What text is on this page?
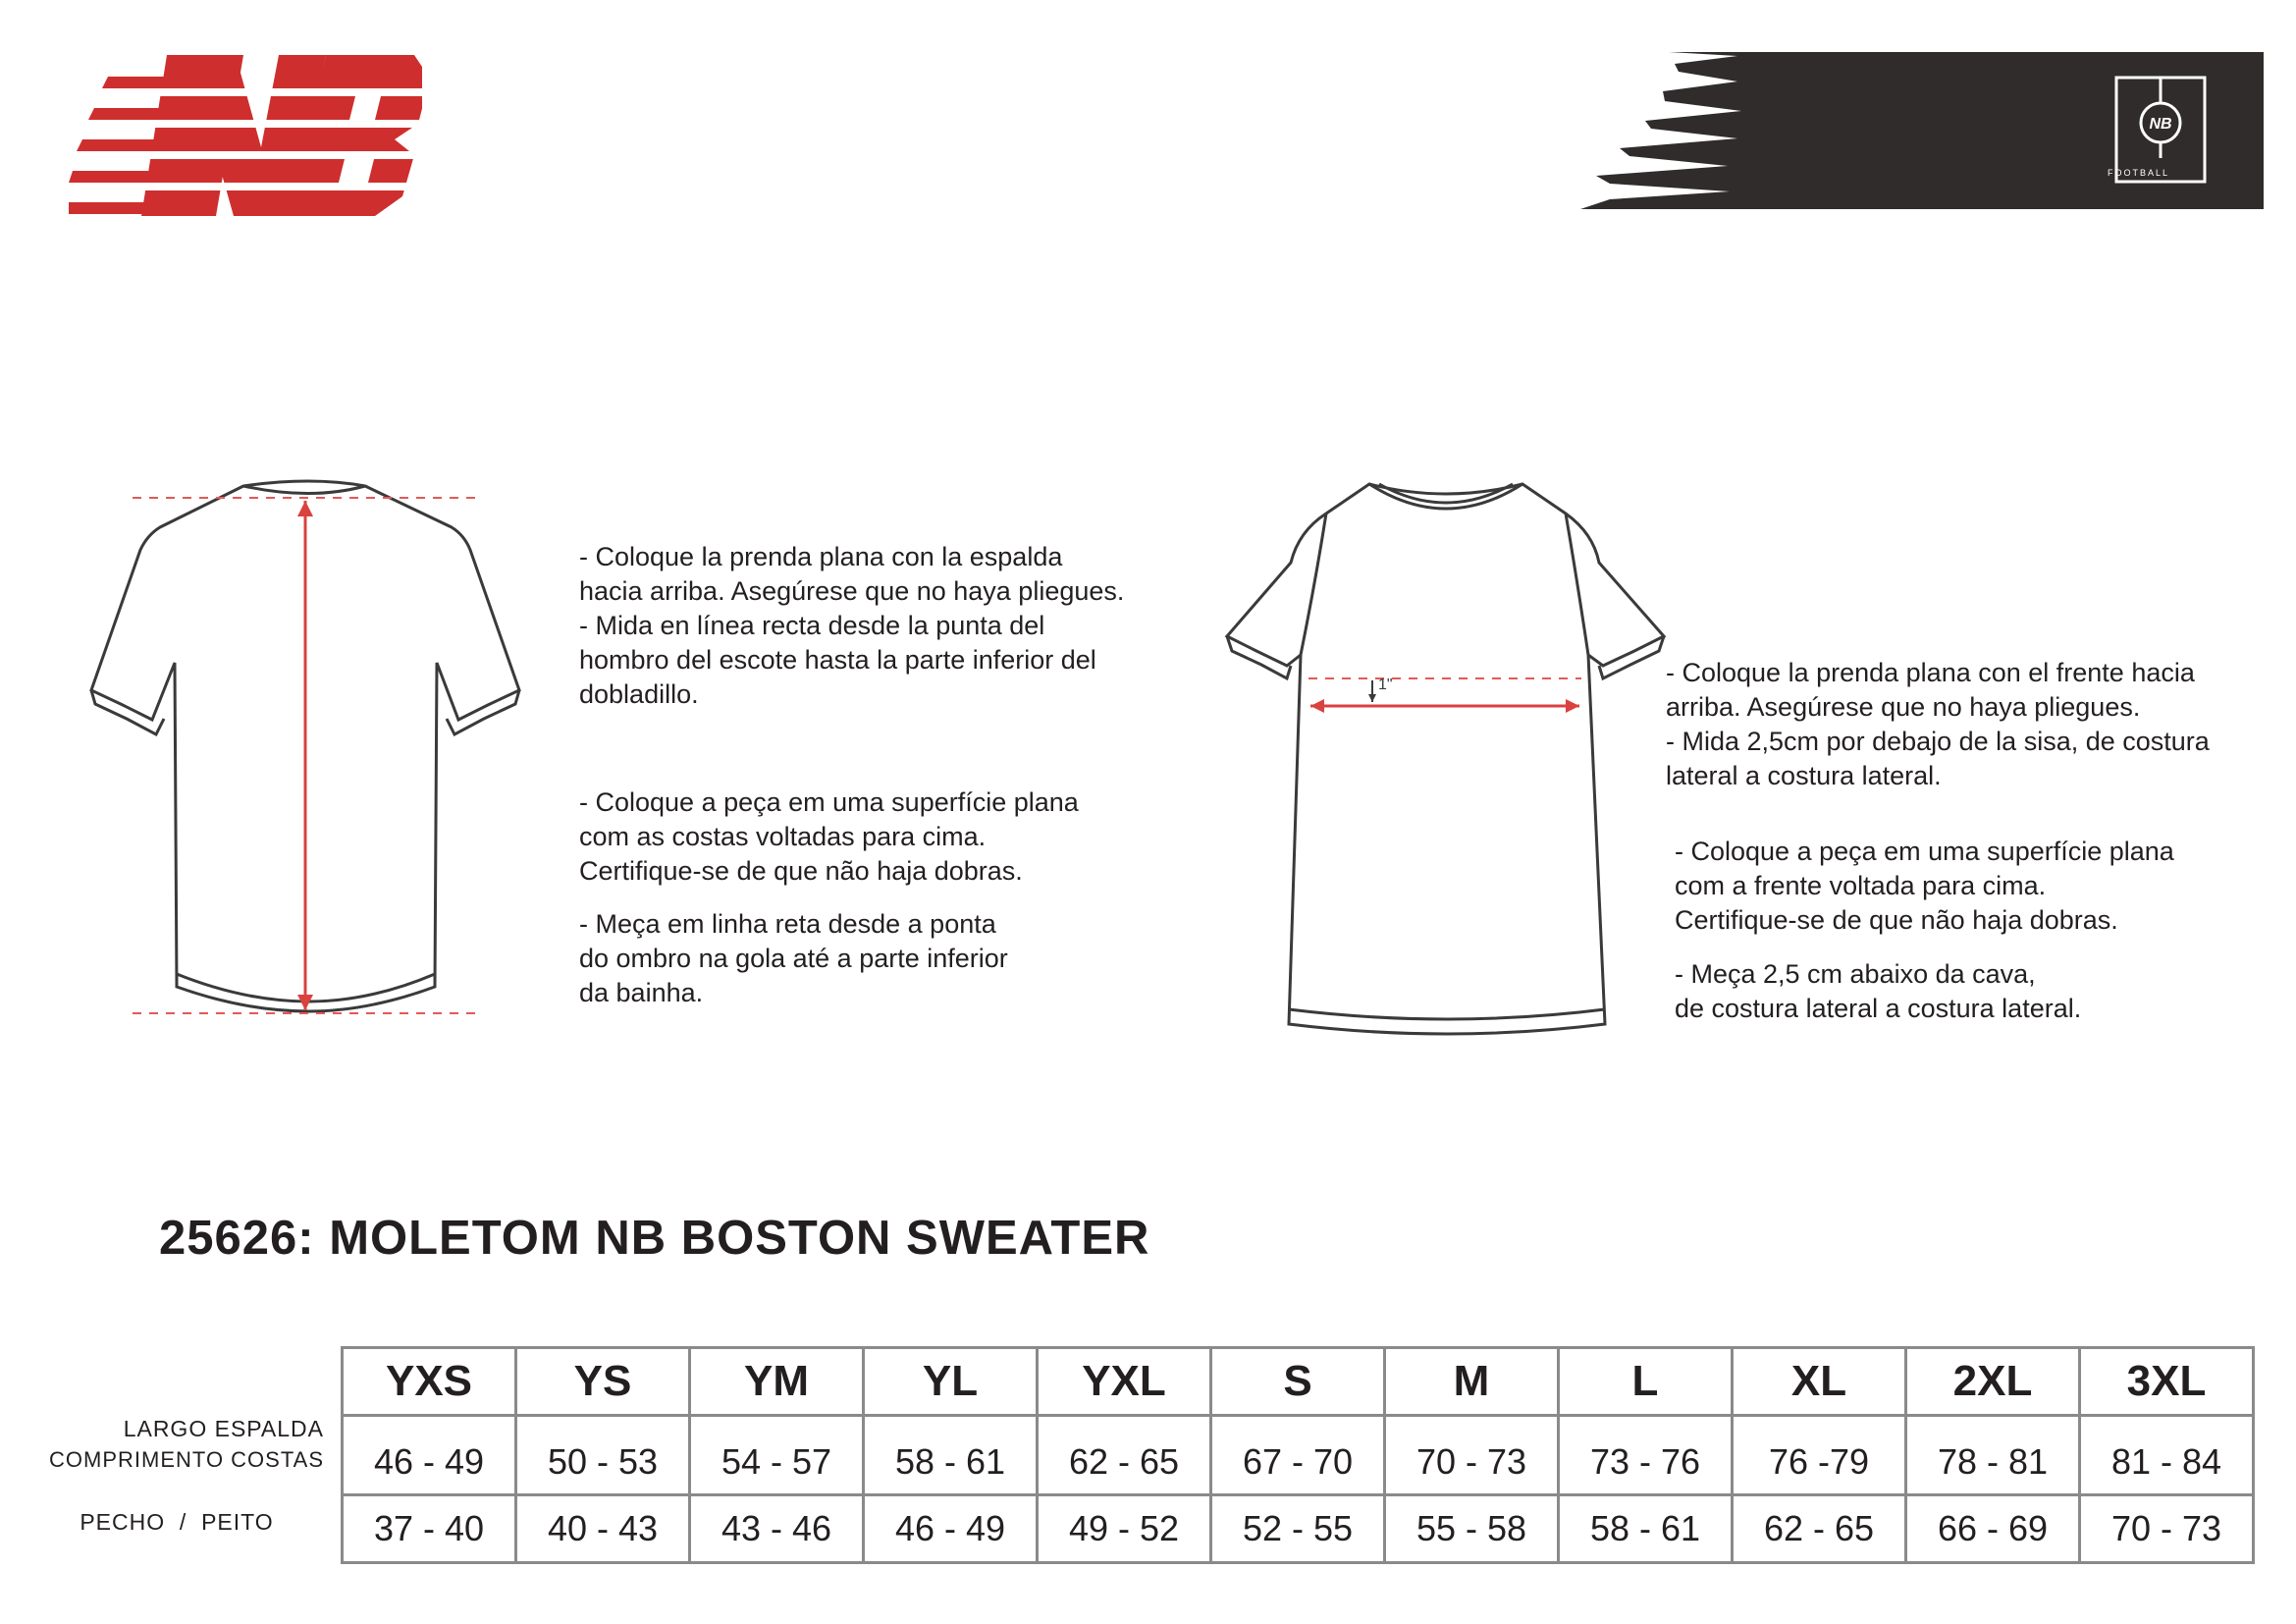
NB
FOOTBALL
1"

- Coloque la prenda plana con la espalda
hacia arriba. Asegúrese que no haya pliegues.
- Mida en línea recta desde la punta del
hombro del escote hasta la parte inferior del
dobladillo.

- Coloque a peça em uma superfície plana
com as costas voltadas para cima.
Certifique-se de que não haja dobras.

- Meça em linha reta desde a ponta
do ombro na gola até a parte inferior
da bainha.

- Coloque la prenda plana con el frente hacia
arriba. Asegúrese que no haya pliegues.
- Mida 2,5cm por debajo de la sisa, de costura
lateral a costura lateral.

- Coloque a peça em uma superfície plana
com a frente voltada para cima.
Certifique-se de que não haja dobras.

- Meça 2,5 cm abaixo da cava,
de costura lateral a costura lateral.

25626: MOLETOM NB BOSTON SWEATER
LARGO ESPALDA
COMPRIMENTO COSTAS
PECHO  /  PEITO
YXS	YS	YM	YL	YXL	S	M	L	XL	2XL	3XL
46 - 49	50 - 53	54 - 57	58 - 61	62 - 65	67 - 70	70 - 73	73 - 76	76 -79	78 - 81	81 - 84
37 - 40	40 - 43	43 - 46	46 - 49	49 - 52	52 - 55	55 - 58	58 - 61	62 - 65	66 - 69	70 - 73
